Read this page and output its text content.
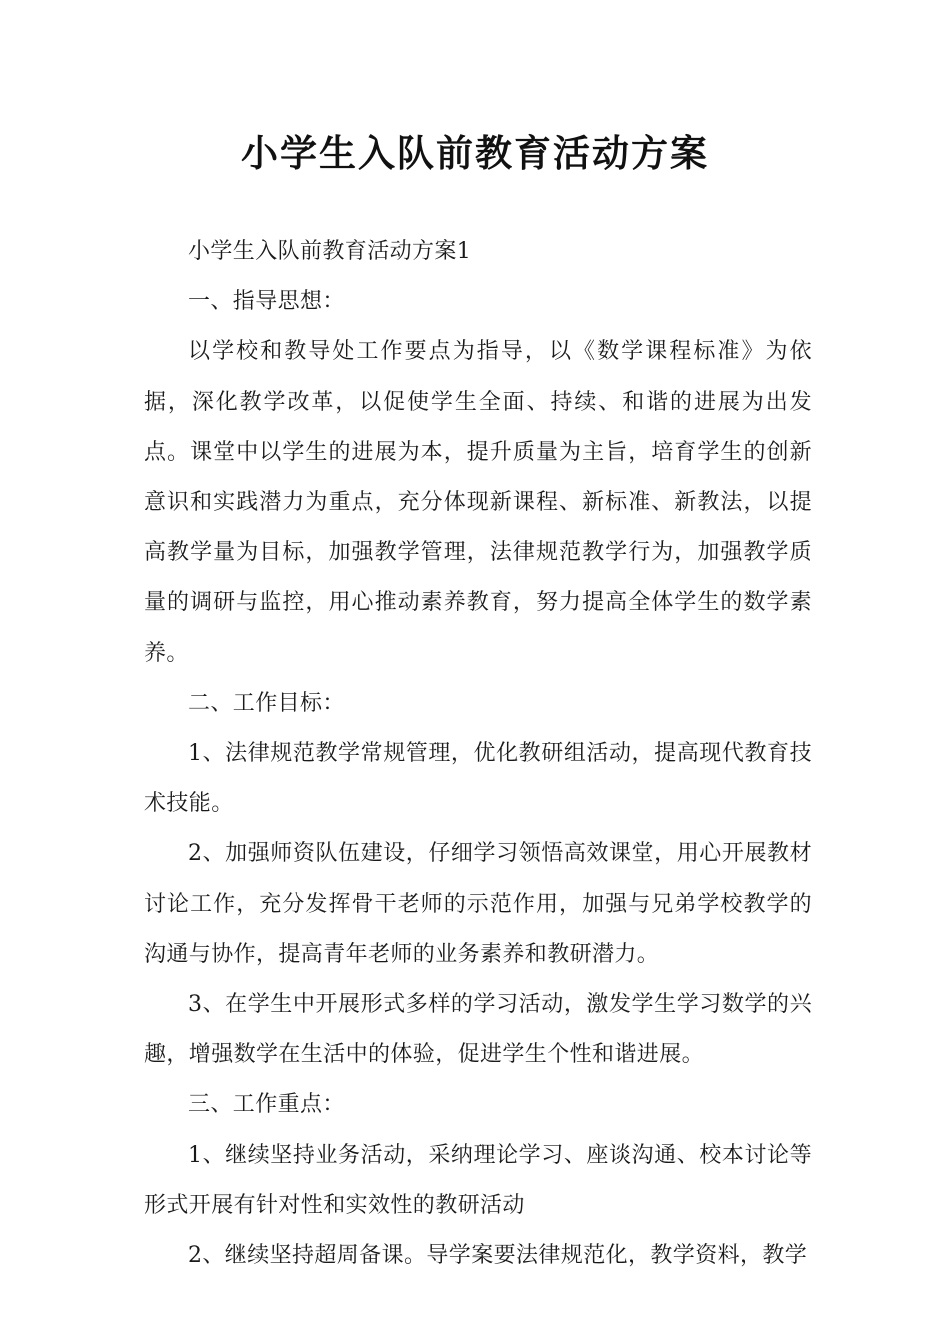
小学生入队前教育活动方案

小学生入队前教育活动方案1

一、指导思想：

以学校和教导处工作要点为指导，以《数学课程标准》为依据，深化教学改革，以促使学生全面、持续、和谐的进展为出发点。课堂中以学生的进展为本，提升质量为主旨，培育学生的创新意识和实践潜力为重点，充分体现新课程、新标准、新教法，以提高教学量为目标，加强教学管理，法律规范教学行为，加强教学质量的调研与监控，用心推动素养教育，努力提高全体学生的数学素养。

二、工作目标：

1、法律规范教学常规管理，优化教研组活动，提高现代教育技术技能。

2、加强师资队伍建设，仔细学习领悟高效课堂，用心开展教材讨论工作，充分发挥骨干老师的示范作用，加强与兄弟学校教学的沟通与协作，提高青年老师的业务素养和教研潜力。

3、在学生中开展形式多样的学习活动，激发学生学习数学的兴趣，增强数学在生活中的体验，促进学生个性和谐进展。

三、工作重点：

1、继续坚持业务活动，采纳理论学习、座谈沟通、校本讨论等形式开展有针对性和实效性的教研活动

2、继续坚持超周备课。导学案要法律规范化，教学资料，教学
